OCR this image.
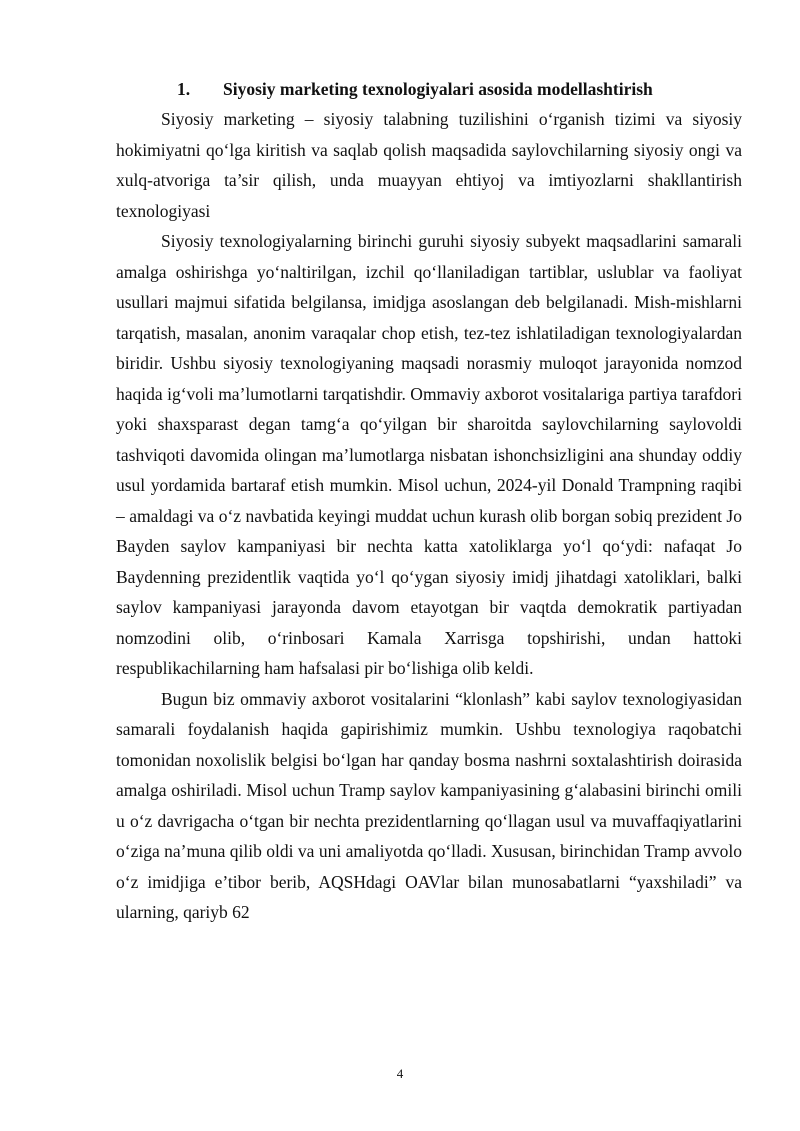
1. Siyosiy marketing texnologiyalari asosida modellashtirish

Siyosiy marketing – siyosiy talabning tuzilishini o‘rganish tizimi va siyosiy hokimiyatni qo‘lga kiritish va saqlab qolish maqsadida saylovchilarning siyosiy ongi va xulq-atvoriga ta’sir qilish, unda muayyan ehtiyoj va imtiyozlarni shakllantirish texnologiyasi

Siyosiy texnologiyalarning birinchi guruhi siyosiy subyekt maqsadlarini samarali amalga oshirishga yo‘naltirilgan, izchil qo‘llaniladigan tartiblar, uslublar va faoliyat usullari majmui sifatida belgilansa, imidjga asoslangan deb belgilanadi. Mish-mishlarni tarqatish, masalan, anonim varaqalar chop etish, tez-tez ishlatiladigan texnologiyalardan biridir. Ushbu siyosiy texnologiyaning maqsadi norasmiy muloqot jarayonida nomzod haqida ig‘voli ma’lumotlarni tarqatishdir. Ommaviy axborot vositalariga partiya tarafdori yoki shaxsparast degan tamg‘a qo‘yilgan bir sharoitda saylovchilarning saylovoldi tashviqoti davomida olingan ma’lumotlarga nisbatan ishonchsizligini ana shunday oddiy usul yordamida bartaraf etish mumkin. Misol uchun, 2024-yil Donald Trampning raqibi – amaldagi va o‘z navbatida keyingi muddat uchun kurash olib borgan sobiq prezident Jo Bayden saylov kampaniyasi bir nechta katta xatoliklarga yo‘l qo‘ydi: nafaqat Jo Baydenning prezidentlik vaqtida yo‘l qo‘ygan siyosiy imidj jihatdagi xatoliklari, balki saylov kampaniyasi jarayonda davom etayotgan bir vaqtda demokratik partiyadan nomzodini olib, o‘rinbosari Kamala Xarrisga topshirishi, undan hattoki respublikachilarning ham hafsalasi pir bo‘lishiga olib keldi.

Bugun biz ommaviy axborot vositalarini “klonlash” kabi saylov texnologiyasidan samarali foydalanish haqida gapirishimiz mumkin. Ushbu texnologiya raqobatchi tomonidan noxolislik belgisi bo‘lgan har qanday bosma nashrni soxtalashtirish doirasida amalga oshiriladi. Misol uchun Tramp saylov kampaniyasining g‘alabasini birinchi omili u o‘z davrigacha o‘tgan bir nechta prezidentlarning qo‘llagan usul va muvaffaqiyatlarini o‘ziga na’muna qilib oldi va uni amaliyotda qo‘lladi. Xususan, birinchidan Tramp avvolo o‘z imidjiga e’tibor berib, AQSHdagi OAVlar bilan munosabatlarni “yaxshiladi” va ularning, qariyb 62

4
